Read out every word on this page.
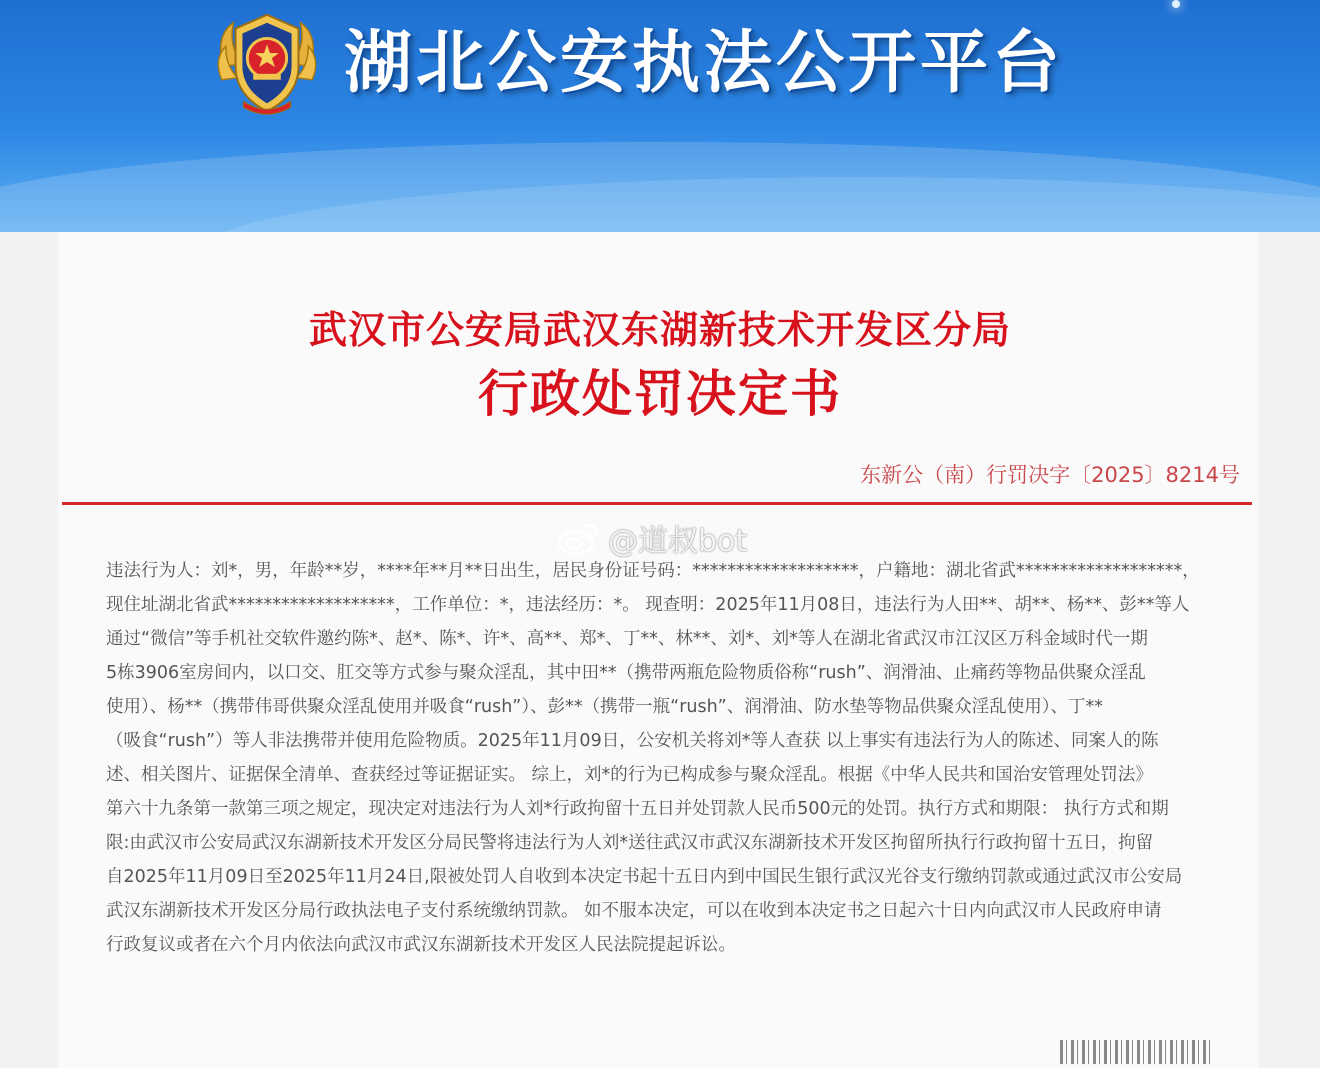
湖北公安执法公开平台
武汉市公安局武汉东湖新技术开发区分局
行政处罚决定书
东新公（南）行罚决字〔2025〕8214号
@道叔bot

违法行为人：刘*，男，年龄**岁，****年**月**日出生，居民身份证号码：*******************，户籍地：湖北省武*******************，

现住址湖北省武*******************，工作单位：*，违法经历：*。 现查明：2025年11月08日，违法行为人田**、胡**、杨**、彭**等人

通过“微信”等手机社交软件邀约陈*、赵*、陈*、许*、高**、郑*、丁**、林**、刘*、刘*等人在湖北省武汉市江汉区万科金域时代一期

5栋3906室房间内，以口交、肛交等方式参与聚众淫乱，其中田**（携带两瓶危险物质俗称“rush”、润滑油、止痛药等物品供聚众淫乱

使用）、杨**（携带伟哥供聚众淫乱使用并吸食“rush”）、彭**（携带一瓶“rush”、润滑油、防水垫等物品供聚众淫乱使用）、丁**

（吸食“rush”）等人非法携带并使用危险物质。2025年11月09日，公安机关将刘*等人查获 以上事实有违法行为人的陈述、同案人的陈

述、相关图片、证据保全清单、查获经过等证据证实。 综上，刘*的行为已构成参与聚众淫乱。根据《中华人民共和国治安管理处罚法》

第六十九条第一款第三项之规定，现决定对违法行为人刘*行政拘留十五日并处罚款人民币500元的处罚。执行方式和期限： 执行方式和期

限:由武汉市公安局武汉东湖新技术开发区分局民警将违法行为人刘*送往武汉市武汉东湖新技术开发区拘留所执行行政拘留十五日，拘留

自2025年11月09日至2025年11月24日,限被处罚人自收到本决定书起十五日内到中国民生银行武汉光谷支行缴纳罚款或通过武汉市公安局

武汉东湖新技术开发区分局行政执法电子支付系统缴纳罚款。 如不服本决定，可以在收到本决定书之日起六十日内向武汉市人民政府申请

行政复议或者在六个月内依法向武汉市武汉东湖新技术开发区人民法院提起诉讼。
